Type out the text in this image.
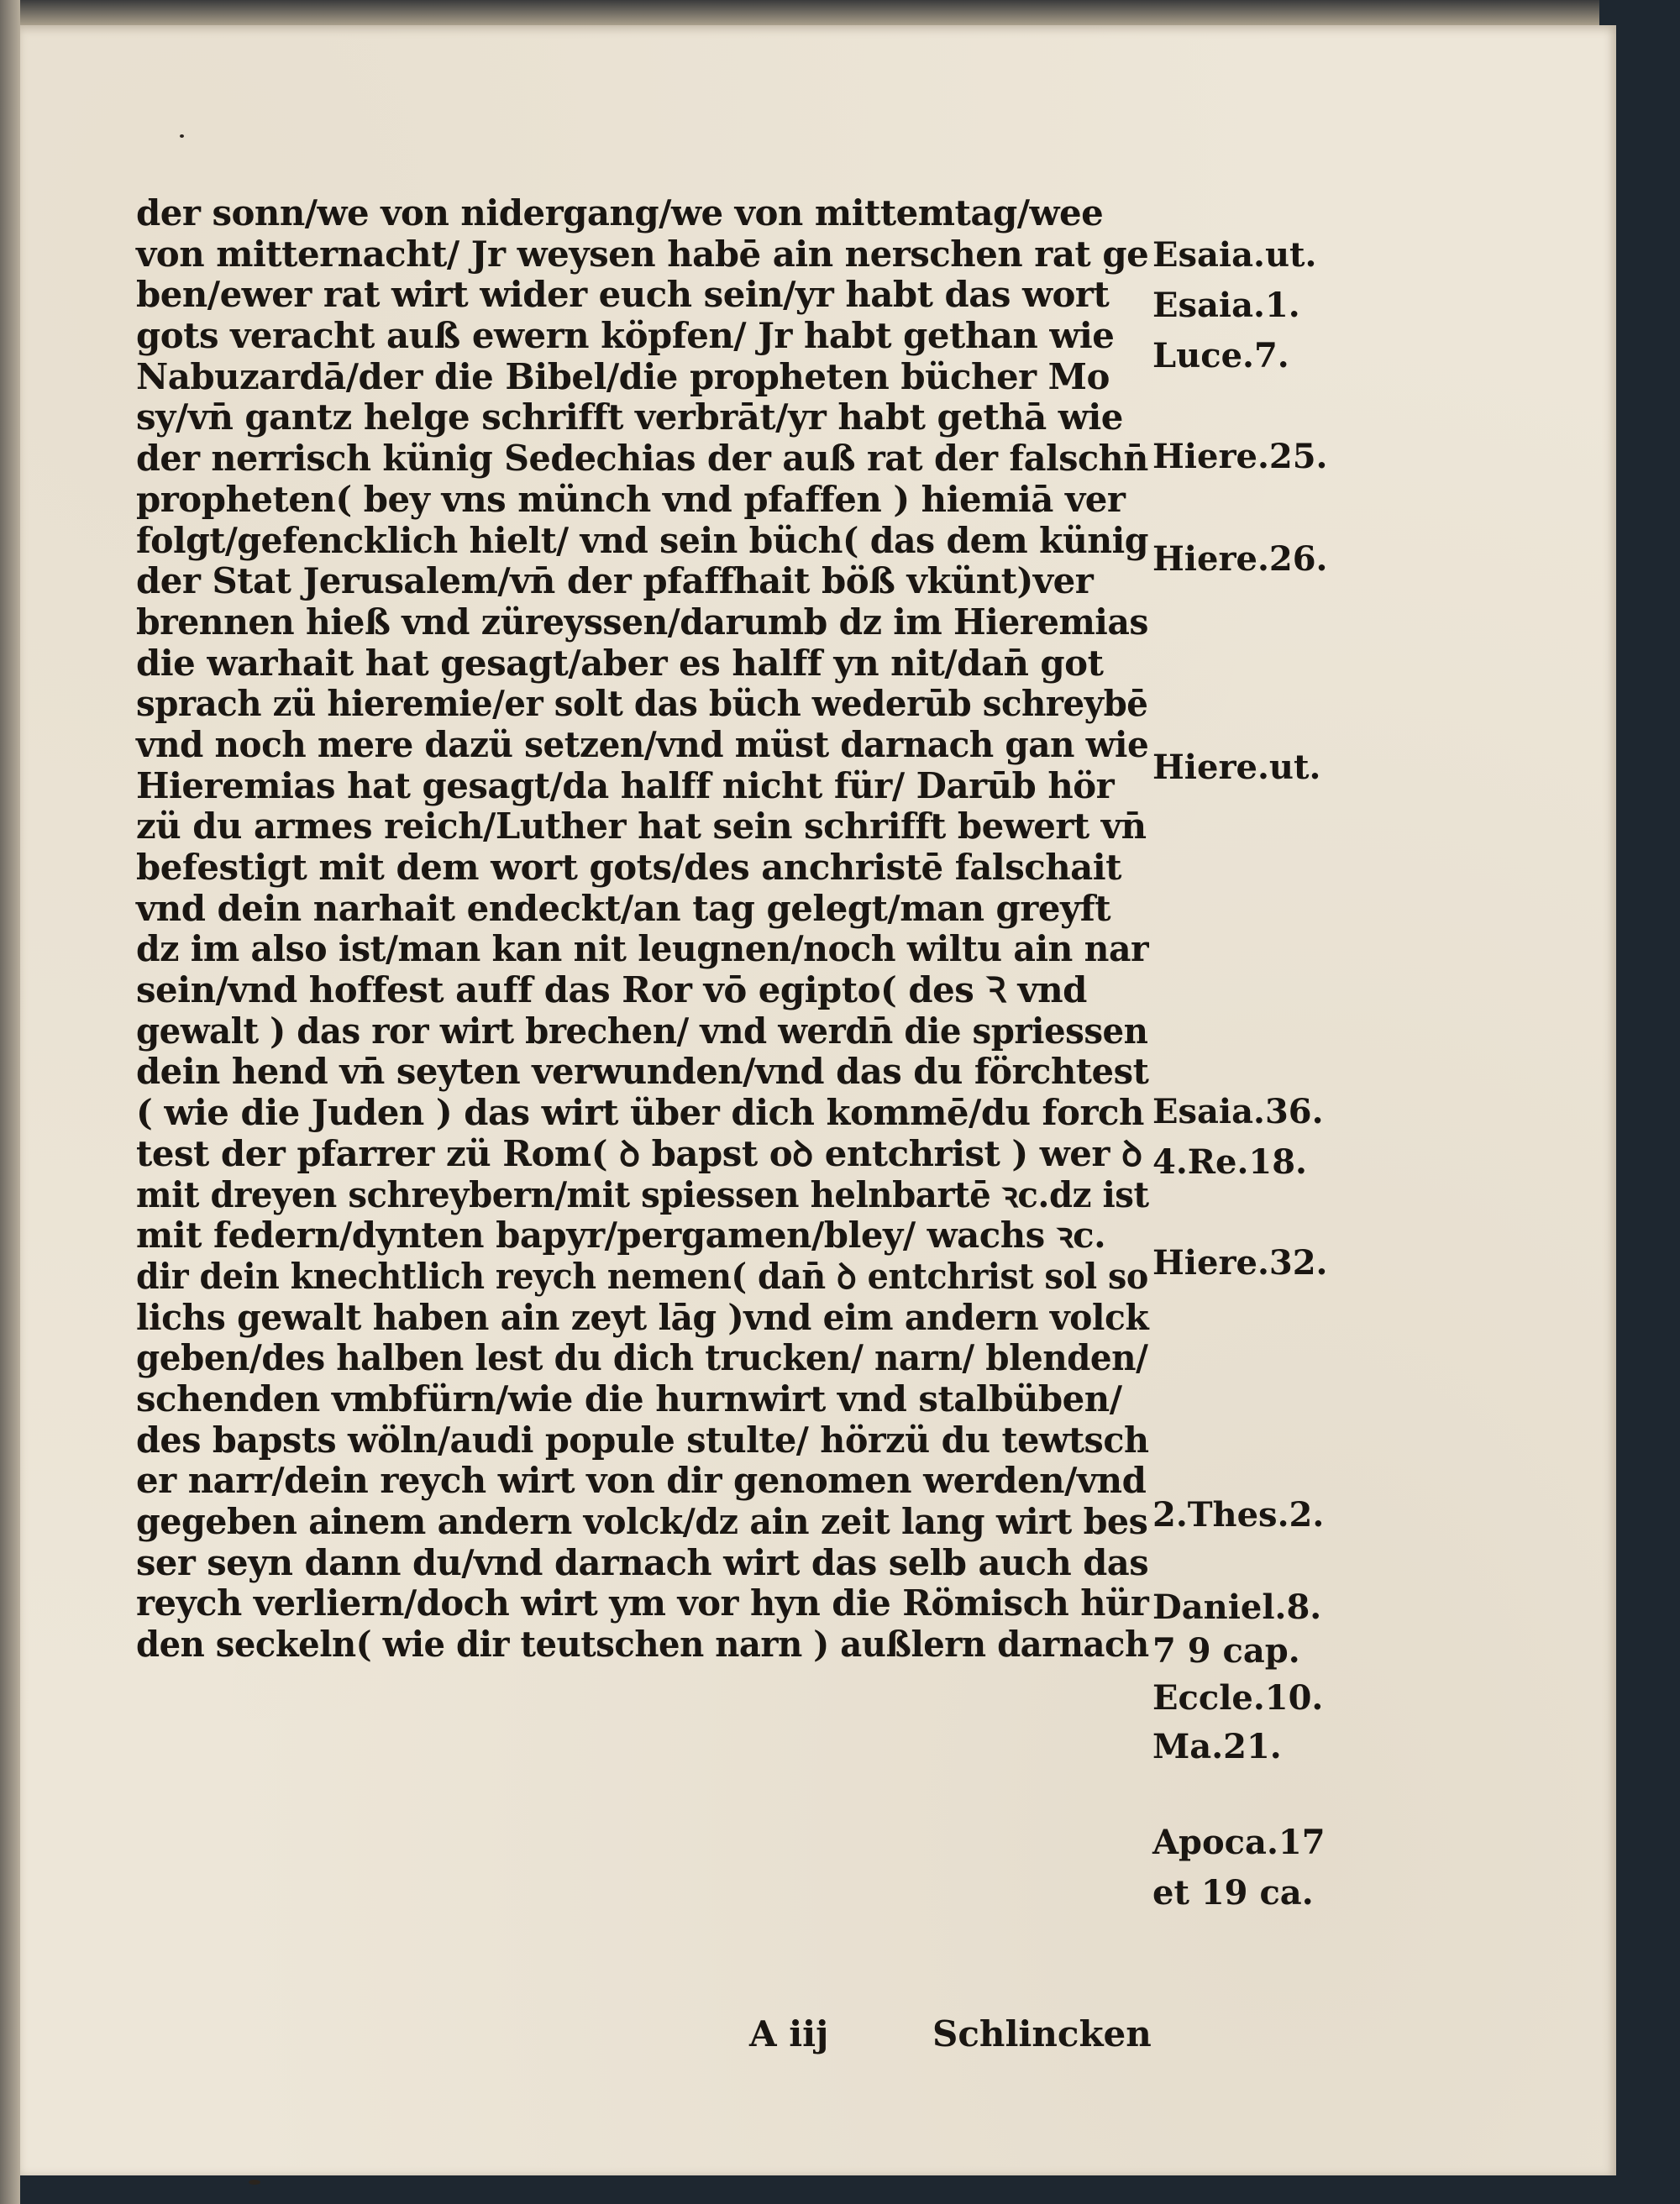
der sonn/we von nidergang/we von mittemtag/wee
von mitternacht/ Jr weysen habē ain nerschen rat ge
ben/ewer rat wirt wider euch sein/yr habt das wort
gots veracht auß ewern köpfen/ Jr habt gethan wie
Nabuzardā/der die Bibel/die propheten bücher Mo
sy/vn̄ gantz helge schrifft verbrāt/yr habt gethā wie
der nerrisch künig Sedechias der auß rat der falschn̄
propheten( bey vns münch vnd pfaffen ) hiemiā ver
folgt/gefencklich hielt/ vnd sein büch( das dem künig
der Stat Jerusalem/vn̄ der pfaffhait böß vkünt)ver
brennen hieß vnd züreyssen/darumb dz im Hieremias
die warhait hat gesagt/aber es halff yn nit/dan̄ got
sprach zü hieremie/er solt das büch wederūb schreybē
vnd noch mere dazü setzen/vnd müst darnach gan wie
Hieremias hat gesagt/da halff nicht für/ Darūb hör
zü du armes reich/Luther hat sein schrifft bewert vn̄
befestigt mit dem wort gots/des anchristē falschait
vnd dein narhait endeckt/an tag gelegt/man greyft
dz im also ist/man kan nit leugnen/noch wiltu ain nar
sein/vnd hoffest auff das Ror vō egipto( des Ꝛ vnd
gewalt ) das ror wirt brechen/ vnd werdn̄ die spriessen
dein hend vn̄ seyten verwunden/vnd das du förchtest
( wie die Juden ) das wirt über dich kommē/du forch
test der pfarrer zü Rom( ꝺ bapst oꝺ entchrist ) wer ꝺ
mit dreyen schreybern/mit spiessen helnbartē ꝛc.dz ist
mit federn/dynten bapyr/pergamen/bley/ wachs ꝛc.
dir dein knechtlich reych nemen( dan̄ ꝺ entchrist sol so
lichs gewalt haben ain zeyt lāg )vnd eim andern volck
geben/des halben lest du dich trucken/ narn/ blenden/
schenden vmbfürn/wie die hurnwirt vnd stalbüben/
des bapsts wöln/audi popule stulte/ hörzü du tewtsch
er narr/dein reych wirt von dir genomen werden/vnd
gegeben ainem andern volck/dz ain zeit lang wirt bes
ser seyn dann du/vnd darnach wirt das selb auch das
reych verliern/doch wirt ym vor hyn die Römisch hür
den seckeln( wie dir teutschen narn ) außlern darnach
Esaia.ut.
Esaia.1.
Luce.7.
Hiere.25.
Hiere.26.
Hiere.ut.
Esaia.36.
4.Re.18.
Hiere.32.
2.Thes.2.
Daniel.8.
7 9 cap.
Eccle.10.
Ma.21.
Apoca.17
et 19 ca.
A iij	Schlincken
